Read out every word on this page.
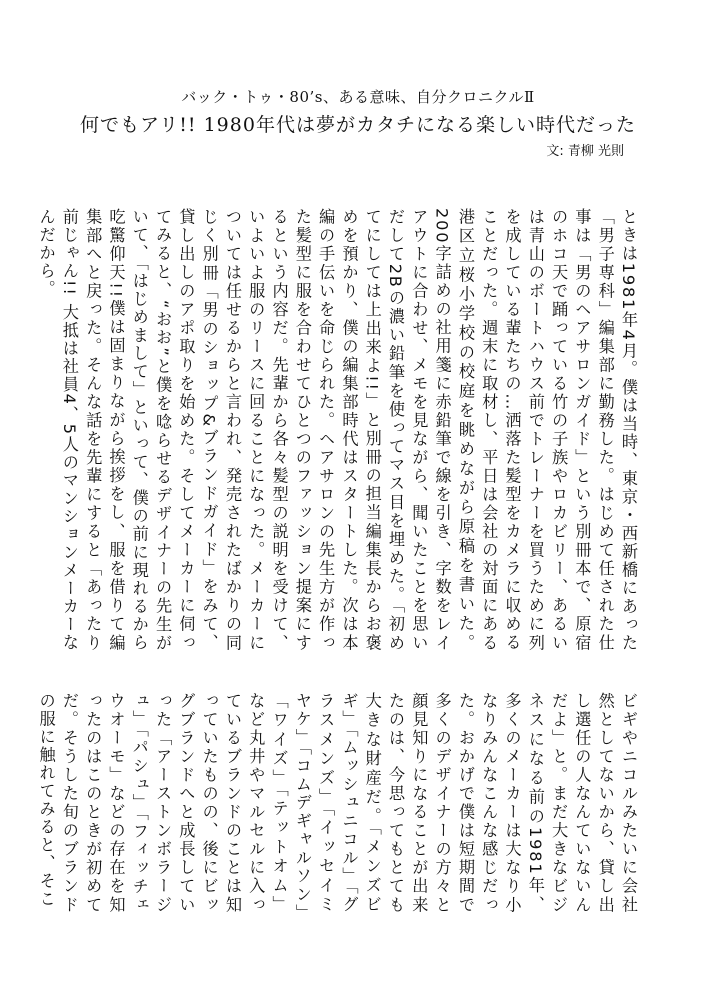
バック・トゥ・80’s、ある意味、自分クロニクルⅡ
何でもアリ!! 1980年代は夢がカタチになる楽しい時代だった
文: 青柳 光則

ときは1981年4月。僕は当時、東京・西新橋にあった「男子専科」編集部に勤務した。はじめて任された仕事は「男のヘアサロンガイド」という別冊本で、原宿のホコ天で踊っている竹の子族やロカビリー、あるいは青山のボートハウス前でトレーナーを買うために列を成している輩たちの…洒落た髪型をカメラに収めることだった。週末に取材し、平日は会社の対面にある港区立桜小学校の校庭を眺めながら原稿を書いた。200字詰めの社用箋に赤鉛筆で線を引き、字数をレイアウトに合わせ、メモを見ながら、聞いたことを思いだして2Bの濃い鉛筆を使ってマス目を埋めた。「初めてにしては上出来よ!!」と別冊の担当編集長からお褒めを預かり、僕の編集部時代はスタートした。次は本編の手伝いを命じられた。ヘアサロンの先生方が作った髪型に服を合わせてひとつのファッション提案にするという内容だ。先輩から各々髪型の説明を受けて、いよいよ服のリースに回ることになった。メーカーについては任せるからと言われ、発売されたばかりの同じく別冊「男のショップ&ブランドガイド」をみて、貸し出しのアポ取りを始めた。そしてメーカーに伺ってみると、“おお”と僕を唸らせるデザイナーの先生がいて、「はじめまして」といって、僕の前に現れるから吃驚仰天!!僕は固まりながら挨拶をし、服を借りて編集部へと戻った。そんな話を先輩にすると「あったり前じゃん!! 大抵は社員4、5人のマンションメーカーなんだから。

ビギやニコルみたいに会社然としてないから、貸し出し選任の人なんていないんだよ」と。まだ大きなビジネスになる前の1981年、多くのメーカーは大なり小なりみんなこんな感じだった。おかげで僕は短期間で多くのデザイナーの方々と顔見知りになることが出来たのは、今思ってもとても大きな財産だ。「メンズビギ」「ムッシュニコル」「グラスメンズ」「イッセイミヤケ」「コムデギャルソン」「ワイズ」「テットオム」など丸井やマルセルに入っているブランドのことは知っていたものの、後にビッグブランドへと成長していった「アーストンボラージュ」「パシュ」「フィッチェウオーモ」などの存在を知ったのはこのときが初めてだ。そうした旬のブランドの服に触れてみると、そこ
